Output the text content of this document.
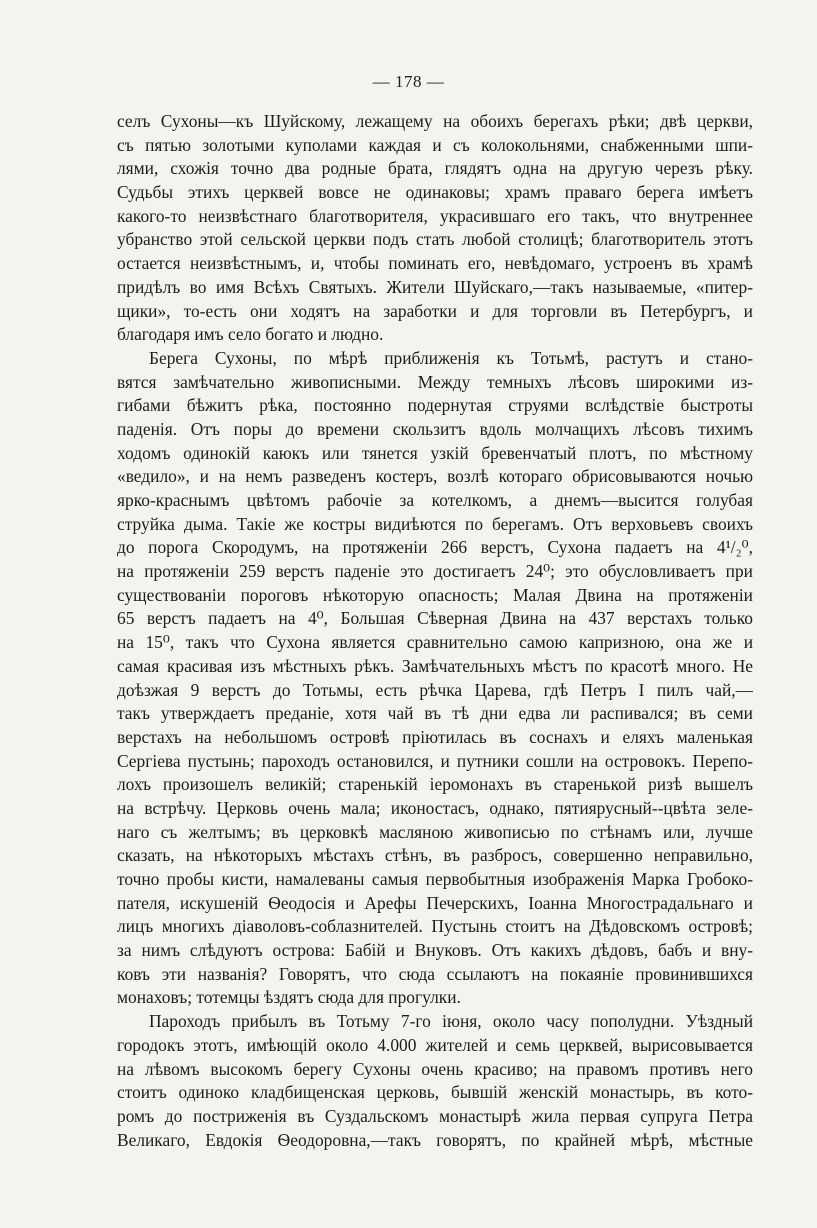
— 178 —
селъ Сухоны—къ Шуйскому, лежащему на обоихъ берегахъ рѣки; двѣ церкви,
съ пятью золотыми куполами каждая и съ колокольнями, снабженными шпи-
лями, схожія точно два родные брата, глядятъ одна на другую черезъ рѣку.
Судьбы этихъ церквей вовсе не одинаковы; храмъ праваго берега имѣетъ
какого-то неизвѣстнаго благотворителя, украсившаго его такъ, что внутреннее
убранство этой сельской церкви подъ стать любой столицѣ; благотворитель этотъ
остается неизвѣстнымъ, и, чтобы поминать его, невѣдомаго, устроенъ въ храмѣ
придѣлъ во имя Всѣхъ Святыхъ. Жители Шуйскаго,—такъ называемые, «питер-
щики», то-есть они ходятъ на заработки и для торговли въ Петербургъ, и
благодаря имъ село богато и людно.
Берега Сухоны, по мѣрѣ приближенія къ Тотьмѣ, растутъ и стано-
вятся замѣчательно живописными. Между темныхъ лѣсовъ широкими из-
гибами бѣжитъ рѣка, постоянно подернутая струями вслѣдствіе быстроты
паденія. Отъ поры до времени скользитъ вдоль молчащихъ лѣсовъ тихимъ
ходомъ одинокій каюкъ или тянется узкій бревенчатый плотъ, по мѣстному
«ведило», и на немъ разведенъ костеръ, возлѣ котораго обрисовываются ночью
ярко-краснымъ цвѣтомъ рабочіе за котелкомъ, а днемъ—высится голубая
струйка дыма. Такіе же костры видиѣются по берегамъ. Отъ верховьевъ своихъ
до порога Скородумъ, на протяженіи 266 верстъ, Сухона падаетъ на 4¹/₂⁰,
на протяженіи 259 верстъ паденіе это достигаетъ 24⁰; это обусловливаетъ при
существованіи пороговъ нѣкоторую опасность; Малая Двина на протяженіи
65 верстъ падаетъ на 4⁰, Большая Сѣверная Двина на 437 верстахъ только
на 15⁰, такъ что Сухона является сравнительно самою капризною, она же и
самая красивая изъ мѣстныхъ рѣкъ. Замѣчательныхъ мѣстъ по красотѣ много. Не
доѣзжая 9 верстъ до Тотьмы, есть рѣчка Царева, гдѣ Петръ I пилъ чай,—
такъ утверждаетъ преданіе, хотя чай въ тѣ дни едва ли распивался; въ семи
верстахъ на небольшомъ островѣ пріютилась въ соснахъ и еляхъ маленькая
Сергіева пустынь; пароходъ остановился, и путники сошли на островокъ. Перепо-
лохъ произошелъ великій; старенькій іеромонахъ въ старенькой ризѣ вышелъ
на встрѣчу. Церковь очень мала; иконостасъ, однако, пятиярусный--цвѣта зеле-
наго съ желтымъ; въ церковкѣ масляною живописью по стѣнамъ или, лучше
сказать, на нѣкоторыхъ мѣстахъ стѣнъ, въ разбросъ, совершенно неправильно,
точно пробы кисти, намалеваны самыя первобытныя изображенія Марка Гробоко-
пателя, искушеній Ѳеодосія и Арефы Печерскихъ, Іоанна Многострадальнаго и
лицъ многихъ діаволовъ-соблазнителей. Пустынь стоитъ на Дѣдовскомъ островѣ;
за нимъ слѣдуютъ острова: Бабій и Внуковъ. Отъ какихъ дѣдовъ, бабъ и вну-
ковъ эти названія? Говорятъ, что сюда ссылаютъ на покаяніе провинившихся
монаховъ; тотемцы ѣздятъ сюда для прогулки.
Пароходъ прибылъ въ Тотьму 7-го іюня, около часу пополудни. Уѣздный
городокъ этотъ, имѣющій около 4.000 жителей и семь церквей, вырисовывается
на лѣвомъ высокомъ берегу Сухоны очень красиво; на правомъ противъ него
стоитъ одиноко кладбищенская церковь, бывшій женскій монастырь, въ кото-
ромъ до постриженія въ Суздальскомъ монастырѣ жила первая супруга Петра
Великаго, Евдокія Ѳеодоровна,—такъ говорятъ, по крайней мѣрѣ, мѣстные
